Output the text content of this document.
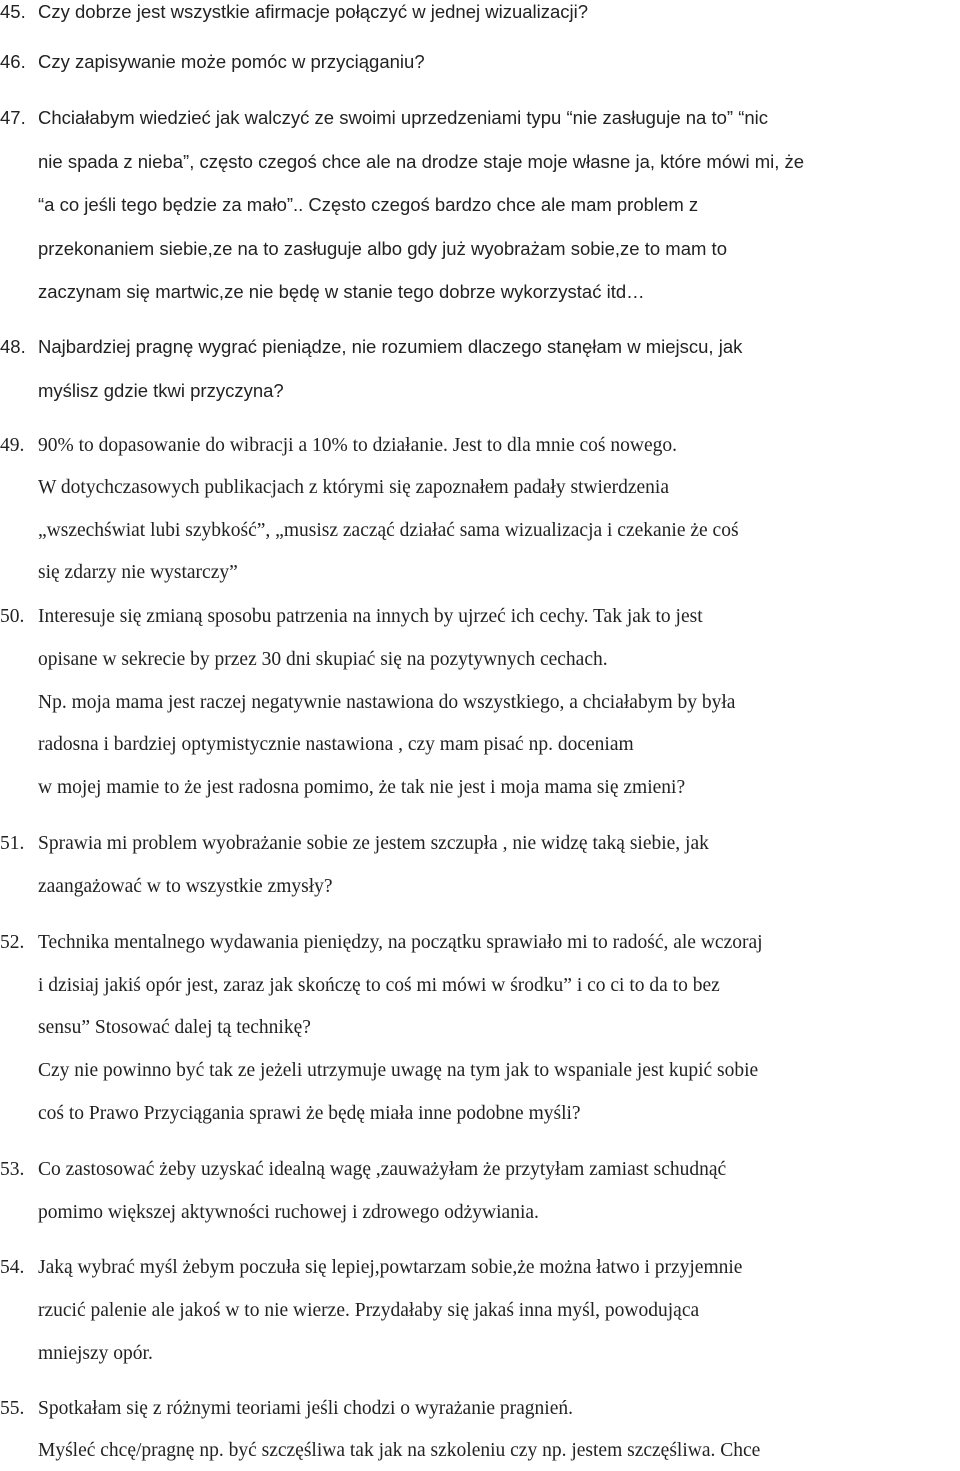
45. Czy dobrze jest wszystkie afirmacje połączyć w jednej wizualizacji?
46. Czy zapisywanie może pomóc w przyciąganiu?
47. Chciałabym wiedzieć jak walczyć ze swoimi uprzedzeniami typu “nie zasługuje na to” “nic
nie spada z nieba”, często czegoś chce ale na drodze staje moje własne ja, które mówi mi, że
“a co jeśli tego będzie za mało”.. Często czegoś bardzo chce ale mam problem z
przekonaniem siebie,ze na to zasługuje albo gdy już wyobrażam sobie,ze to mam to
zaczynam się martwic,ze nie będę w stanie tego dobrze wykorzystać itd…
48. Najbardziej pragnę wygrać pieniądze, nie rozumiem dlaczego stanęłam w miejscu, jak
myślisz gdzie tkwi przyczyna?
49. 90% to dopasowanie do wibracji a 10% to działanie. Jest to dla mnie coś nowego.
W dotychczasowych publikacjach z którymi się zapoznałem padały stwierdzenia
„wszechświat lubi szybkość”, „musisz zacząć działać sama wizualizacja i czekanie że coś
się zdarzy nie wystarczy”
50. Interesuje się zmianą sposobu patrzenia na innych by ujrzeć ich cechy. Tak jak to jest
opisane w sekrecie by przez 30 dni skupiać się na pozytywnych cechach.
Np. moja mama jest raczej negatywnie nastawiona do wszystkiego, a chciałabym by była
radosna i bardziej optymistycznie nastawiona , czy mam pisać np. doceniam
w mojej mamie to że jest radosna pomimo, że tak nie jest i moja mama się zmieni?
51. Sprawia mi problem wyobrażanie sobie ze jestem szczupła , nie widzę taką siebie, jak
zaangażować w to wszystkie zmysły?
52. Technika mentalnego wydawania pieniędzy, na początku sprawiało mi to radość, ale wczoraj
i dzisiaj jakiś opór jest, zaraz jak skończę to coś mi mówi w środku” i co ci to da to bez
sensu” Stosować dalej tą technikę?
Czy nie powinno być tak ze jeżeli utrzymuje uwagę na tym jak to wspaniale jest kupić sobie
coś to Prawo Przyciągania sprawi że będę miała inne podobne myśli?
53. Co zastosować żeby uzyskać idealną wagę ,zauważyłam że przytyłam zamiast schudnąć
pomimo większej aktywności ruchowej i zdrowego odżywiania.
54. Jaką wybrać myśl żebym poczuła się lepiej,powtarzam sobie,że można łatwo i przyjemnie
rzucić palenie ale jakoś w to nie wierze. Przydałaby się jakaś inna myśl, powodująca
mniejszy opór.
55. Spotkałam się z różnymi teoriami jeśli chodzi o wyrażanie pragnień.
Myśleć chcę/pragnę np. być szczęśliwa tak jak na szkoleniu czy np. jestem szczęśliwa. Chce
